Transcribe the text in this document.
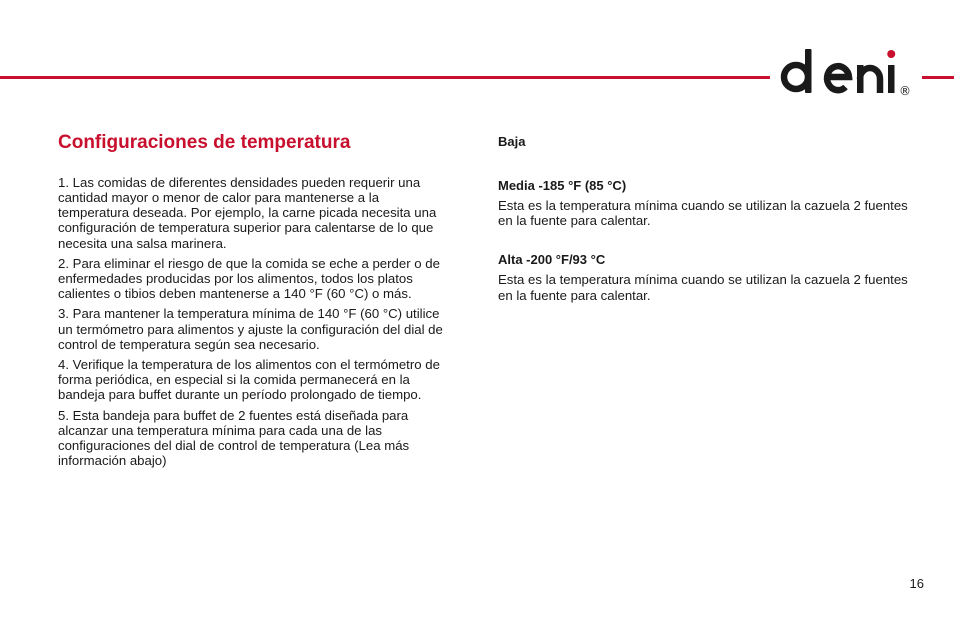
®
Configuraciones de temperatura

1. Las comidas de diferentes densidades pueden requerir una cantidad mayor o menor de calor para mantenerse a la temperatura deseada. Por ejemplo, la carne picada necesita una configuración de temperatura superior para calentarse de lo que necesita una salsa marinera.

2. Para eliminar el riesgo de que la comida se eche a perder o de enfermedades producidas por los alimentos, todos los platos calientes o tibios deben mantenerse a 140 °F (60 °C) o más.

3. Para mantener la temperatura mínima de 140 °F (60 °C) utilice un termómetro para alimentos y ajuste la configuración del dial de control de temperatura según sea necesario.

4. Verifique la temperatura de los alimentos con el termómetro de forma periódica, en especial si la comida permanecerá en la bandeja para buffet durante un período prolongado de tiempo.

5. Esta bandeja para buffet de 2 fuentes está diseñada para alcanzar una temperatura mínima para cada una de las configuraciones del dial de control de temperatura (Lea más información abajo)

Baja

Media -185 °F (85 °C)

Esta es la temperatura mínima cuando se utilizan la cazuela 2 fuentes en la fuente para calentar.

Alta -200 °F/93 °C

Esta es la temperatura mínima cuando se utilizan la cazuela 2 fuentes en la fuente para calentar.

16
